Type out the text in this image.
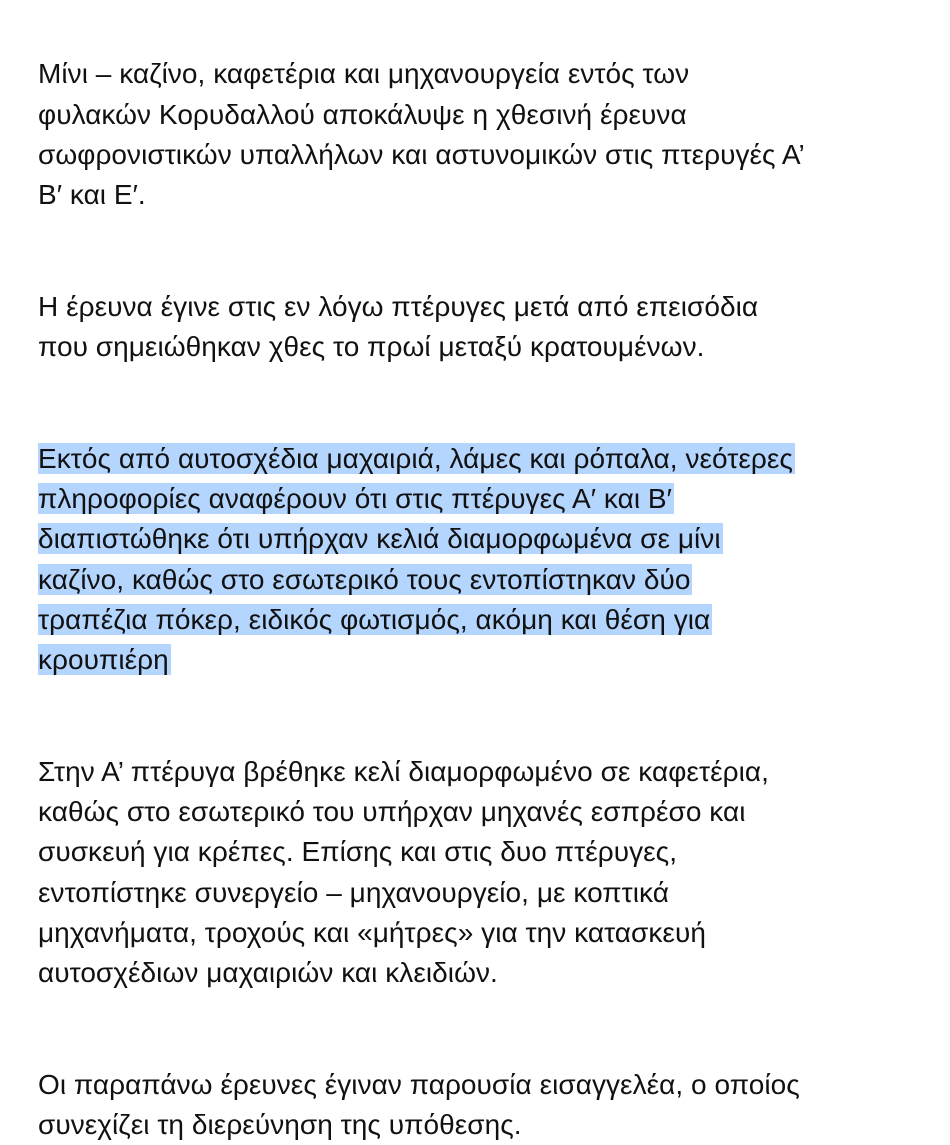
Μίνι – καζίνο, καφετέρια και μηχανουργεία εντός των
φυλακών Κορυδαλλού αποκάλυψε η χθεσινή έρευνα
σωφρονιστικών υπαλλήλων και αστυνομικών στις πτερυγές Α’
Β′ και Ε′.

Η έρευνα έγινε στις εν λόγω πτέρυγες μετά από επεισόδια
που σημειώθηκαν χθες το πρωί μεταξύ κρατουμένων.

Εκτός από αυτοσχέδια μαχαιριά, λάμες και ρόπαλα, νεότερες
πληροφορίες αναφέρουν ότι στις πτέρυγες Α′ και Β′
διαπιστώθηκε ότι υπήρχαν κελιά διαμορφωμένα σε μίνι
καζίνο, καθώς στο εσωτερικό τους εντοπίστηκαν δύο
τραπέζια πόκερ, ειδικός φωτισμός, ακόμη και θέση για
κρουπιέρη

Στην Α’ πτέρυγα βρέθηκε κελί διαμορφωμένο σε καφετέρια,
καθώς στο εσωτερικό του υπήρχαν μηχανές εσπρέσο και
συσκευή για κρέπες. Επίσης και στις δυο πτέρυγες,
εντοπίστηκε συνεργείο – μηχανουργείο, με κοπτικά
μηχανήματα, τροχούς και «μήτρες» για την κατασκευή
αυτοσχέδιων μαχαιριών και κλειδιών.

Οι παραπάνω έρευνες έγιναν παρουσία εισαγγελέα, ο οποίος
συνεχίζει τη διερεύνηση της υπόθεσης.
